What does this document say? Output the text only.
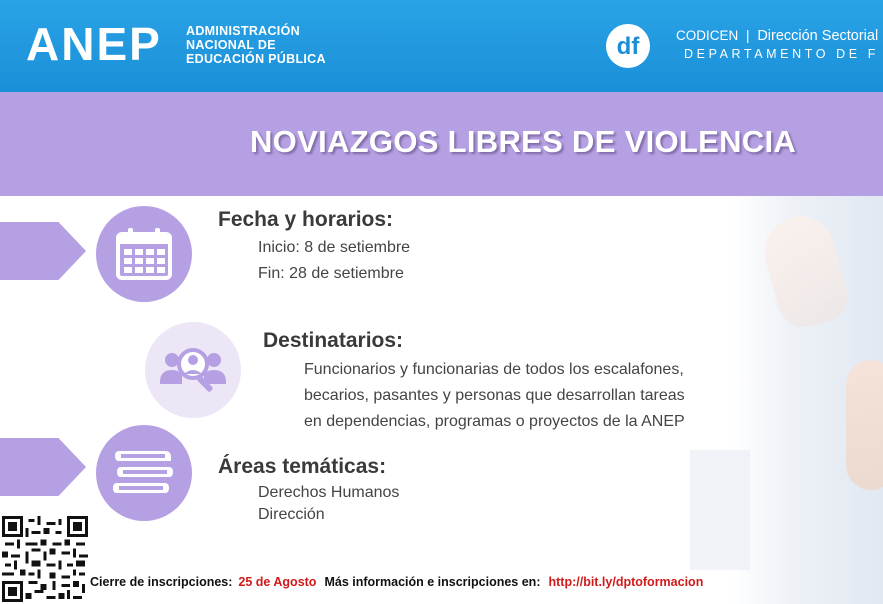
ANEP ADMINISTRACIÓN
NACIONAL DE
EDUCACIÓN PÚBLICA	df	CODICEN | Dirección Sectorial
DEPARTAMENTO DE F
NOVIAZGOS LIBRES DE VIOLENCIA
Fecha y horarios:
Inicio: 8 de setiembre
Fin: 28 de setiembre
Destinatarios:
Funcionarios y funcionarias de todos los escalafones,
becarios, pasantes y personas que desarrollan tareas
en dependencias, programas o proyectos de la ANEP
Áreas temáticas:
Derechos Humanos
Dirección
Cierre de inscripciones: 25 de Agosto Más información e inscripciones en: http://bit.ly/dptoformacion
